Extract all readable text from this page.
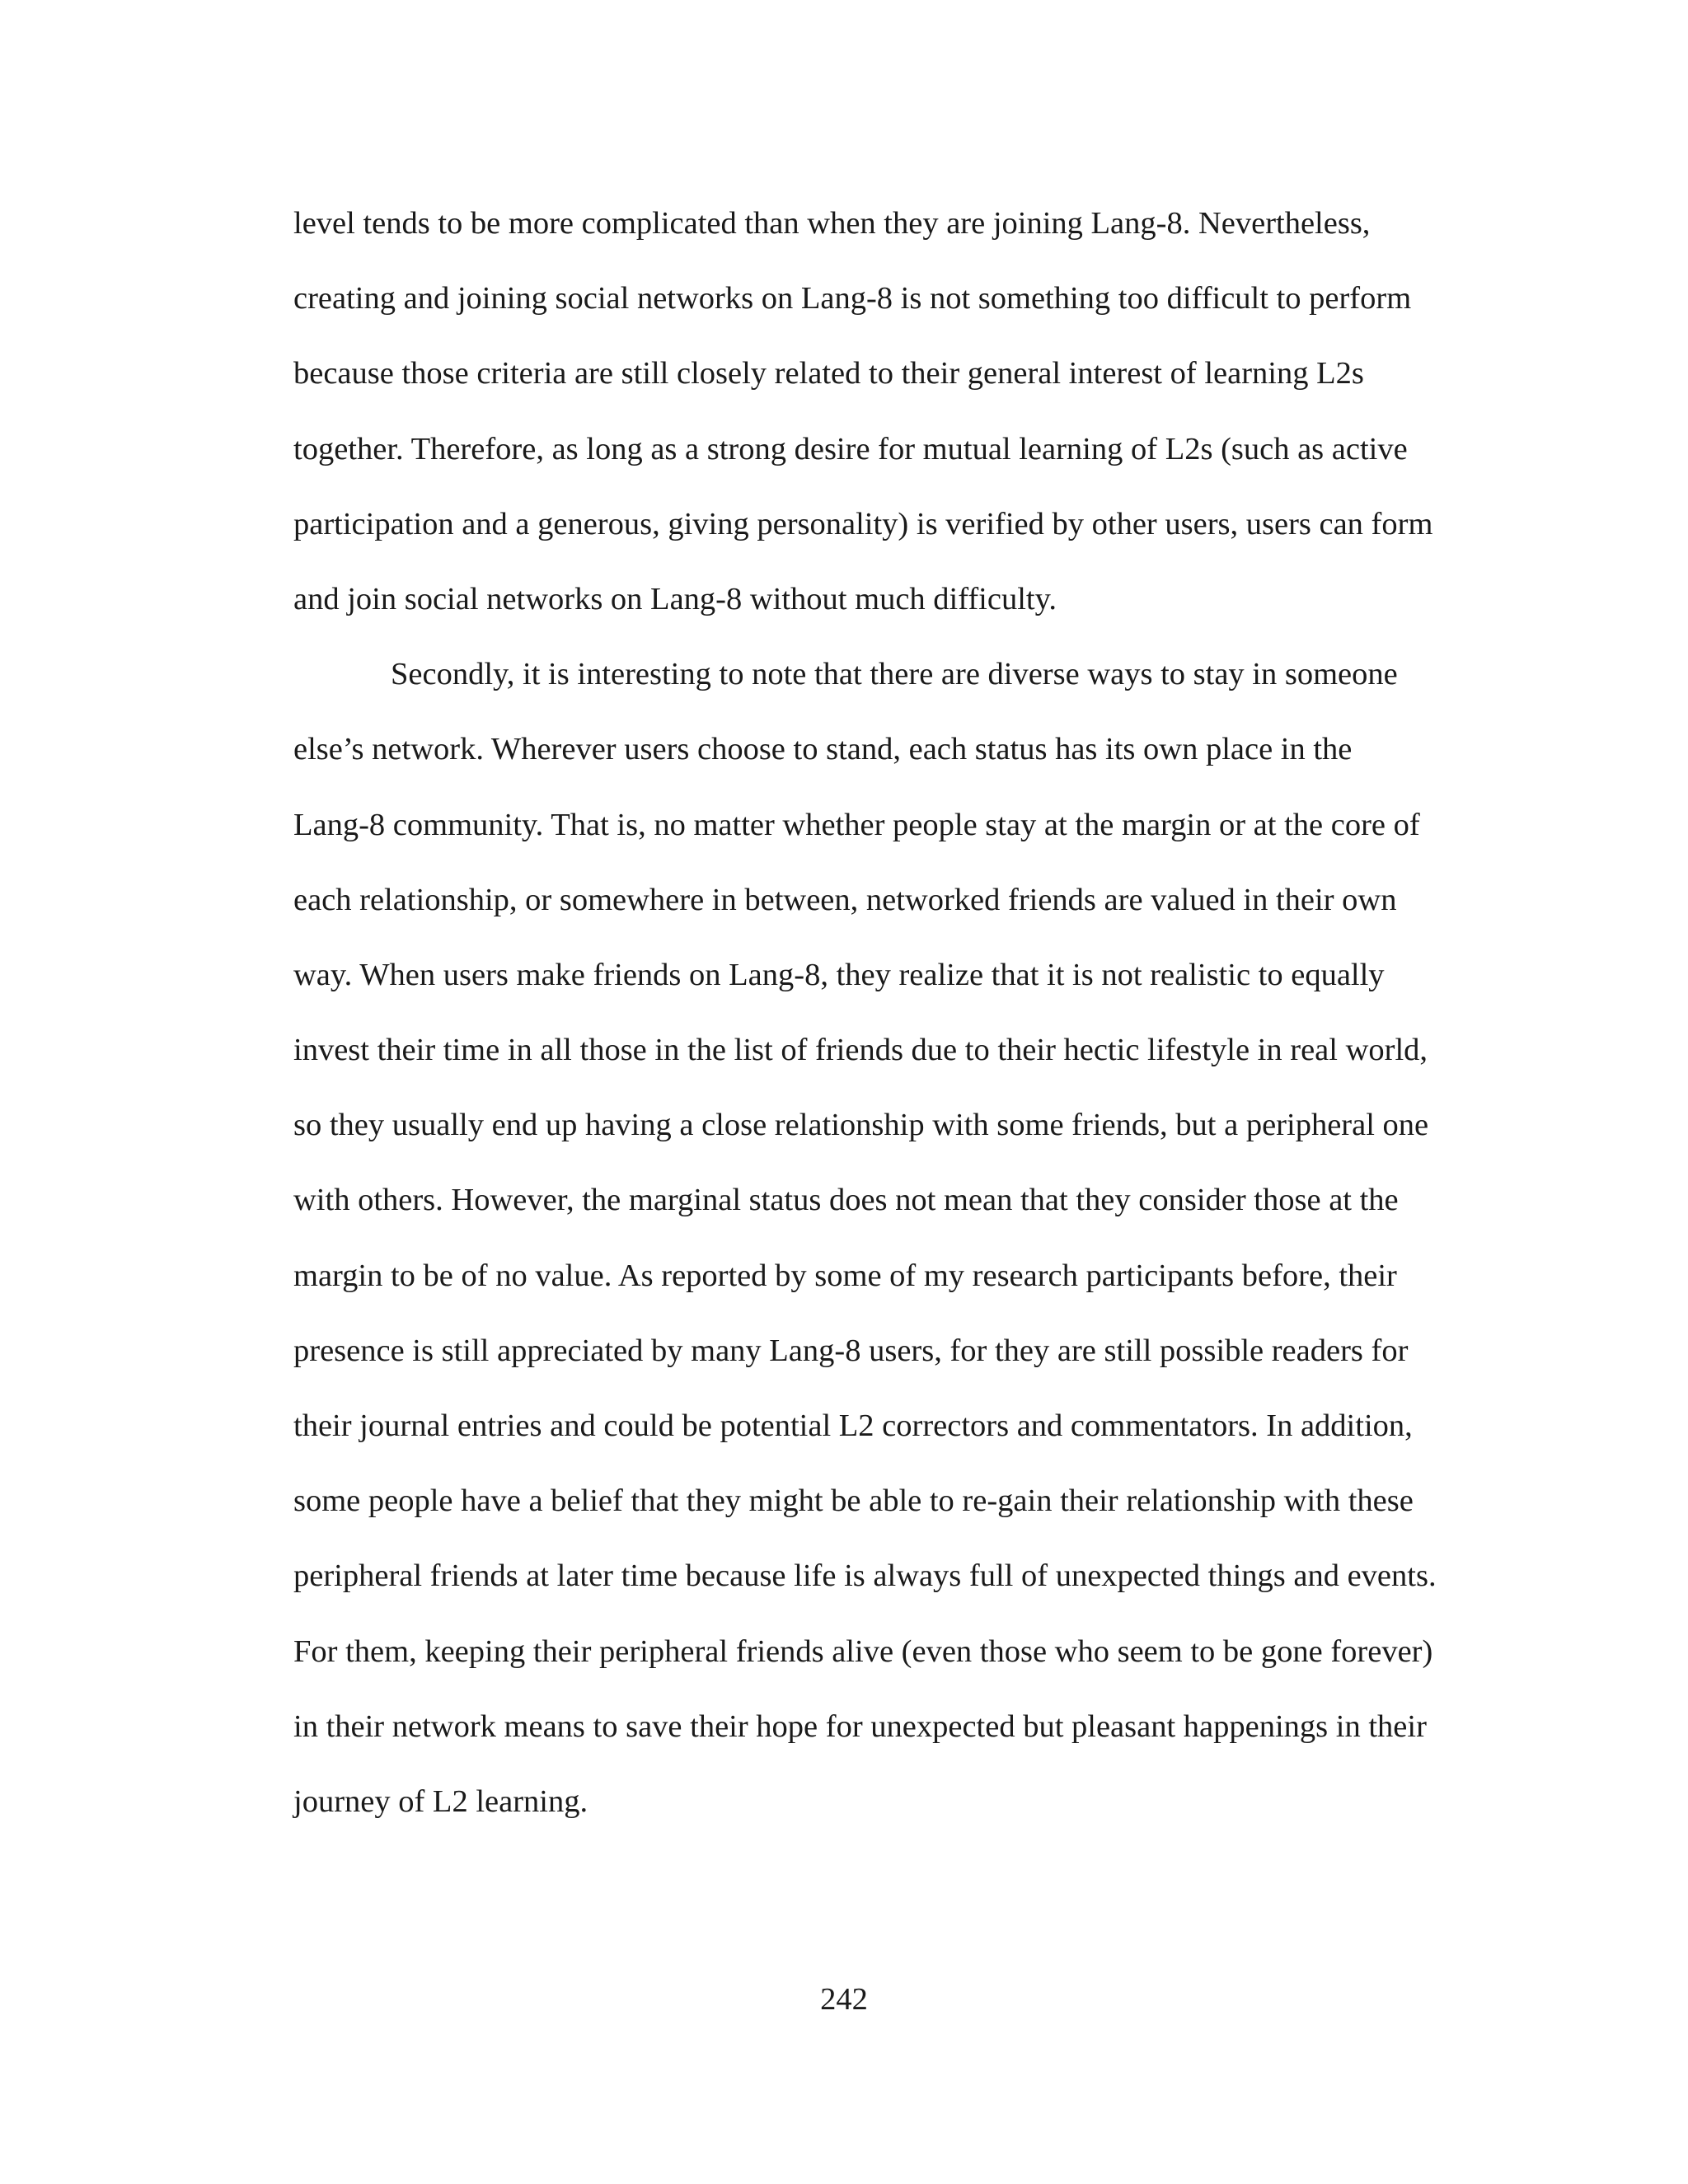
level tends to be more complicated than when they are joining Lang-8. Nevertheless,
creating and joining social networks on Lang-8 is not something too difficult to perform
because those criteria are still closely related to their general interest of learning L2s
together. Therefore, as long as a strong desire for mutual learning of L2s (such as active
participation and a generous, giving personality) is verified by other users, users can form
and join social networks on Lang-8 without much difficulty.
Secondly, it is interesting to note that there are diverse ways to stay in someone
else’s network. Wherever users choose to stand, each status has its own place in the
Lang-8 community. That is, no matter whether people stay at the margin or at the core of
each relationship, or somewhere in between, networked friends are valued in their own
way. When users make friends on Lang-8, they realize that it is not realistic to equally
invest their time in all those in the list of friends due to their hectic lifestyle in real world,
so they usually end up having a close relationship with some friends, but a peripheral one
with others. However, the marginal status does not mean that they consider those at the
margin to be of no value. As reported by some of my research participants before, their
presence is still appreciated by many Lang-8 users, for they are still possible readers for
their journal entries and could be potential L2 correctors and commentators. In addition,
some people have a belief that they might be able to re-gain their relationship with these
peripheral friends at later time because life is always full of unexpected things and events.
For them, keeping their peripheral friends alive (even those who seem to be gone forever)
in their network means to save their hope for unexpected but pleasant happenings in their
journey of L2 learning.
242
